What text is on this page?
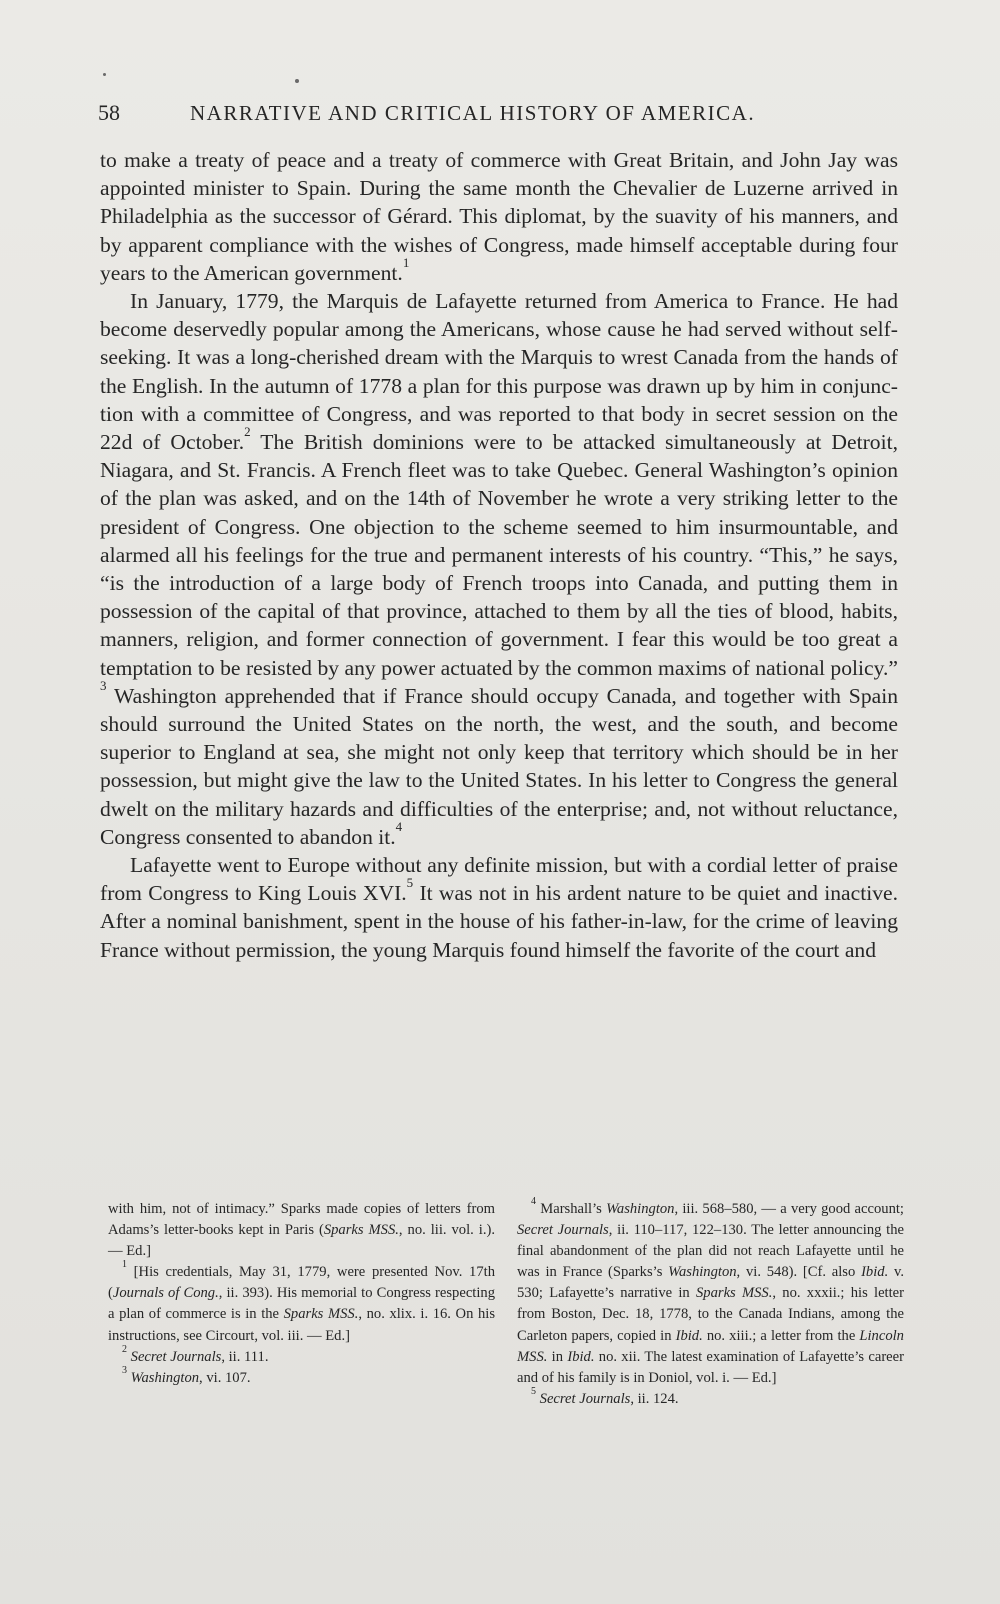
58	NARRATIVE AND CRITICAL HISTORY OF AMERICA.

to make a treaty of peace and a treaty of commerce with Great Britain, and John Jay was appointed minister to Spain. During the same month the Chevalier de Luzerne arrived in Philadelphia as the successor of Gérard. This diplomat, by the suavity of his manners, and by apparent compliance with the wishes of Congress, made himself acceptable during four years to the American government.$^1$

In January, 1779, the Marquis de Lafayette returned from America to France. He had become deservedly popular among the Americans, whose cause he had served without self-seeking. It was a long-cherished dream with the Marquis to wrest Canada from the hands of the English. In the autumn of 1778 a plan for this purpose was drawn up by him in conjunction with a committee of Congress, and was reported to that body in secret session on the 22d of October.$^2$ The British dominions were to be attacked simultaneously at Detroit, Niagara, and St. Francis. A French fleet was to take Quebec. General Washington’s opinion of the plan was asked, and on the 14th of November he wrote a very striking letter to the president of Congress. One objection to the scheme seemed to him insurmountable, and alarmed all his feelings for the true and permanent interests of his country. “This,” he says, “is the introduction of a large body of French troops into Canada, and putting them in possession of the capital of that province, attached to them by all the ties of blood, habits, manners, religion, and former connection of government. I fear this would be too great a temptation to be resisted by any power actuated by the common maxims of national policy.” $^3$ Washington apprehended that if France should occupy Canada, and together with Spain should surround the United States on the north, the west, and the south, and become superior to England at sea, she might not only keep that territory which should be in her possession, but might give the law to the United States. In his letter to Congress the general dwelt on the military hazards and difficulties of the enterprise; and, not without reluctance, Congress consented to abandon it.$^4$

Lafayette went to Europe without any definite mission, but with a cordial letter of praise from Congress to King Louis XVI.$^5$ It was not in his ardent nature to be quiet and inactive. After a nominal banishment, spent in the house of his father-in-law, for the crime of leaving France without permission, the young Marquis found himself the favorite of the court and

with him, not of intimacy.” Sparks made copies of letters from Adams’s letter-books kept in Paris (Sparks MSS., no. lii. vol. i.). — Ed.]

$^1$ [His credentials, May 31, 1779, were presented Nov. 17th (Journals of Cong., ii. 393). His memorial to Congress respecting a plan of commerce is in the Sparks MSS., no. xlix. i. 16. On his instructions, see Circourt, vol. iii. — Ed.]

$^2$ Secret Journals, ii. 111.

$^3$ Washington, vi. 107.

$^4$ Marshall’s Washington, iii. 568–580, — a very good account; Secret Journals, ii. 110–117, 122–130. The letter announcing the final abandonment of the plan did not reach Lafayette until he was in France (Sparks’s Washington, vi. 548). [Cf. also Ibid. v. 530; Lafayette’s narrative in Sparks MSS., no. xxxii.; his letter from Boston, Dec. 18, 1778, to the Canada Indians, among the Carleton papers, copied in Ibid. no. xiii.; a letter from the Lincoln MSS. in Ibid. no. xii. The latest examination of Lafayette’s career and of his family is in Doniol, vol. i. — Ed.]

$^5$ Secret Journals, ii. 124.
